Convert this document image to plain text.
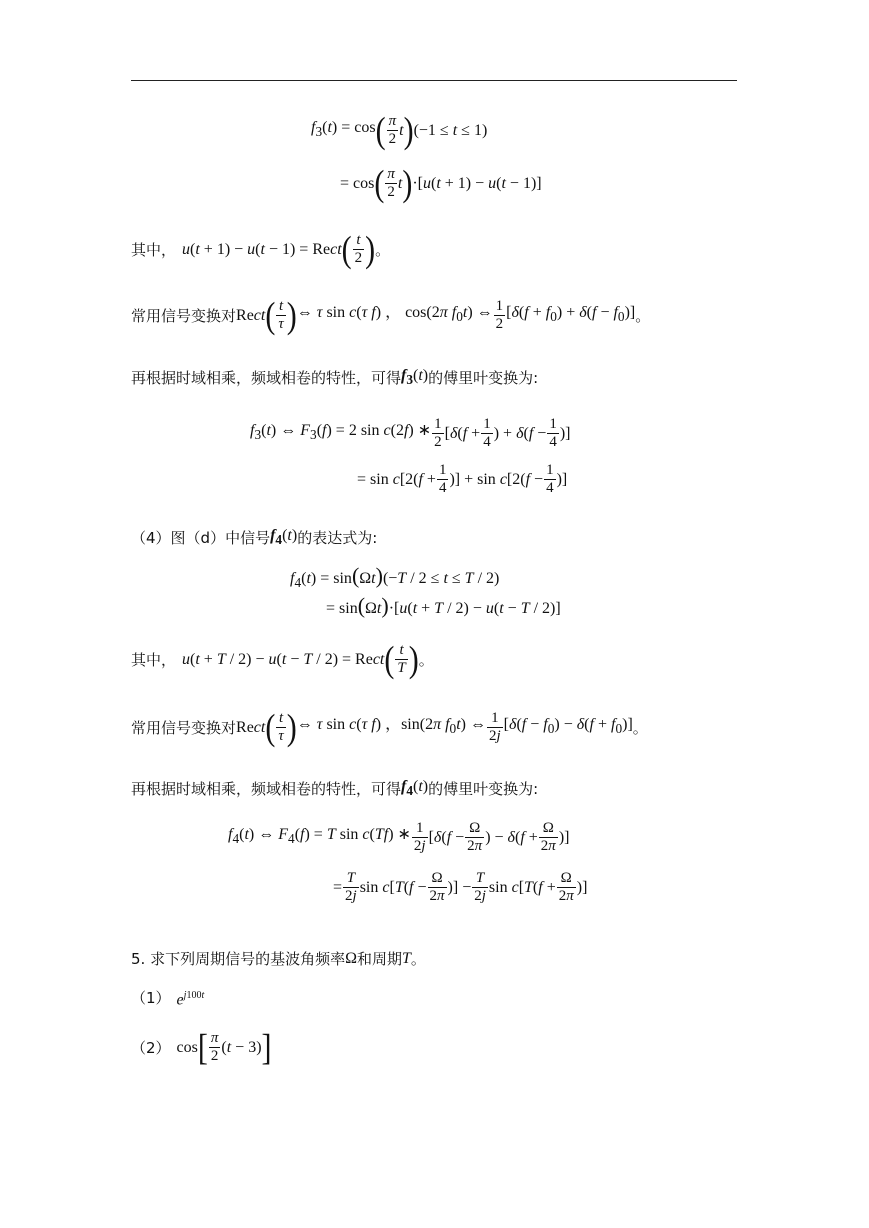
$f_3(t) = \cos$ ( $\frac{\pi}{2}$ t ) (−1 ≤ t ≤ 1)
= cos ( $\frac{\pi}{2}$ t ) ·[u(t + 1) − u(t − 1)]
其中， u(t + 1) − u(t − 1) = Rect ( $\frac{t}{2}$ ) 。
常用信号变换对 Rect ( $\frac{t}{\tau}$ ) ⇔ τ sin c(τ f) ， cos(2π $f_0t$) ⇔ $\frac{1}{2} [\delta(f + f_0) + \delta(f - f_0)]$ 。
再根据时域相乘，频域相卷的特性，可得 $f_3(t)$ 的傅里叶变换为:
$f_3(t)$ ⇔ $F_3(f) = 2$ sin c(2f) ∗ $\frac{1}{2} [\delta(f + \frac{1}{4}$ ) + $\delta(f - \frac{1}{4}$ )]
= $\sin c[2(f + \frac{1}{4}$ )] + $\sin c[2(f - \frac{1}{4}$ )]
（4）图（d）中信号 $f_4(t)$ 的表达式为:
$f_4(t) = \sin(\Omega t)(-T / 2 \le t \le T / 2)$
= sin(Ωt)·[u(t + T / 2) − u(t − T / 2)]
其中， u(t + T / 2) − u(t − T / 2) = Rect ( $\frac{t}{T}$ ) 。
常用信号变换对 Rect ( $\frac{t}{\tau}$ ) ⇔ τ sin c(τ f) ，sin(2π $f_0t$) ⇔ $\frac{1}{2j} [\delta(f - f_0) - \delta(f + f_0)]$ 。
再根据时域相乘，频域相卷的特性，可得 $f_4(t)$ 的傅里叶变换为:
$f_4(t)$ ⇔ $F_4(f) = T$ sin c(Tf) ∗ $\frac{1}{2j} [\delta(f - \frac{\Omega}{2\pi}$ ) − $\delta(f + \frac{\Omega}{2\pi}$ )]
= $\frac{T}{2j}$ $\sin c[T(f - \frac{\Omega}{2\pi}$ )] − $\frac{T}{2j}$ $\sin c[T(f + \frac{\Omega}{2\pi}$ )]
5. 求下列周期信号的基波角频率 Ω 和周期 T 。
（1） $e^{j100t}$
（2） cos [ $\frac{\pi}{2} (t - 3)$ ]
